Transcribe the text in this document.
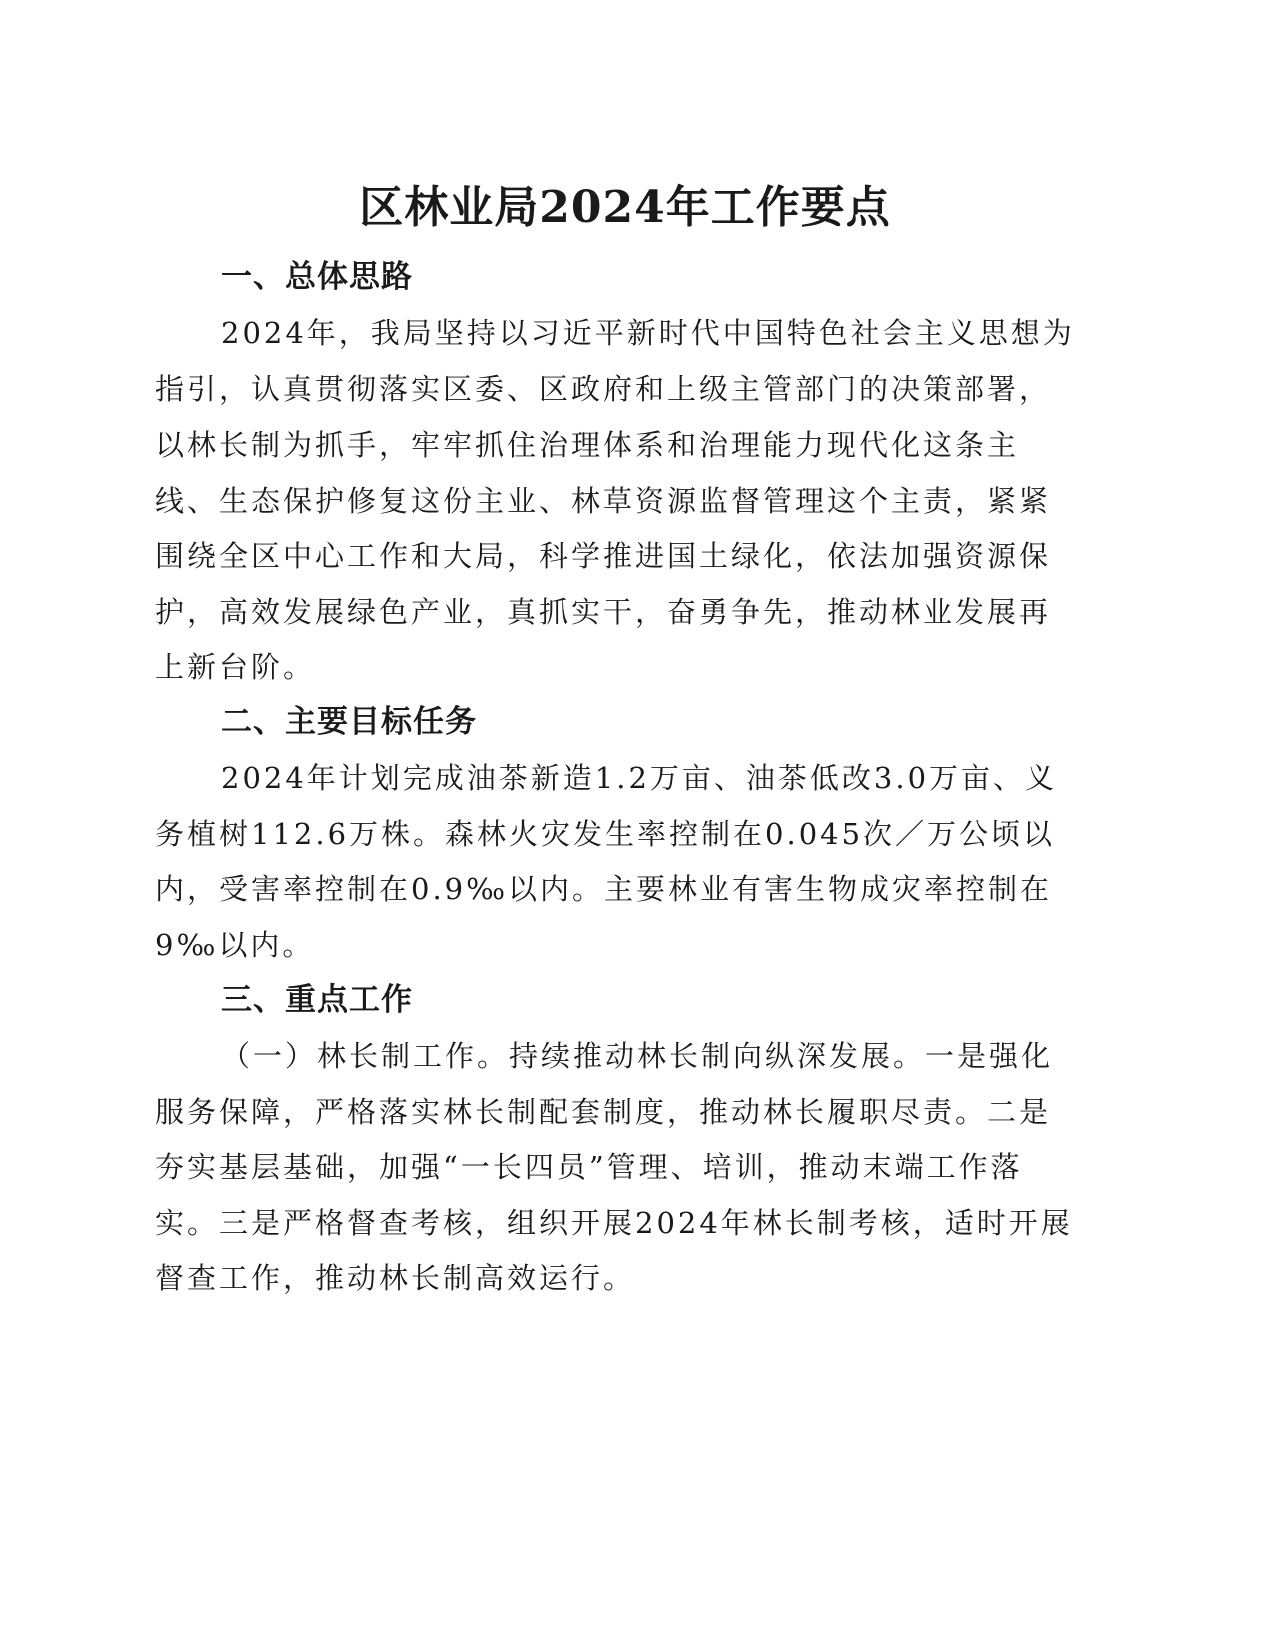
区林业局2024年工作要点
一、总体思路

2024年，我局坚持以习近平新时代中国特色社会主义思想为

指引，认真贯彻落实区委、区政府和上级主管部门的决策部署，

以林长制为抓手，牢牢抓住治理体系和治理能力现代化这条主

线、生态保护修复这份主业、林草资源监督管理这个主责，紧紧

围绕全区中心工作和大局，科学推进国土绿化，依法加强资源保

护，高效发展绿色产业，真抓实干，奋勇争先，推动林业发展再

上新台阶。

二、主要目标任务

2024年计划完成油茶新造1.2万亩、油茶低改3.0万亩、义

务植树112.6万株。森林火灾发生率控制在0.045次／万公顷以

内，受害率控制在0.9‰以内。主要林业有害生物成灾率控制在

9‰以内。

三、重点工作

（一）林长制工作。持续推动林长制向纵深发展。一是强化

服务保障，严格落实林长制配套制度，推动林长履职尽责。二是

夯实基层基础，加强“一长四员”管理、培训，推动末端工作落

实。三是严格督查考核，组织开展2024年林长制考核，适时开展

督查工作，推动林长制高效运行。
